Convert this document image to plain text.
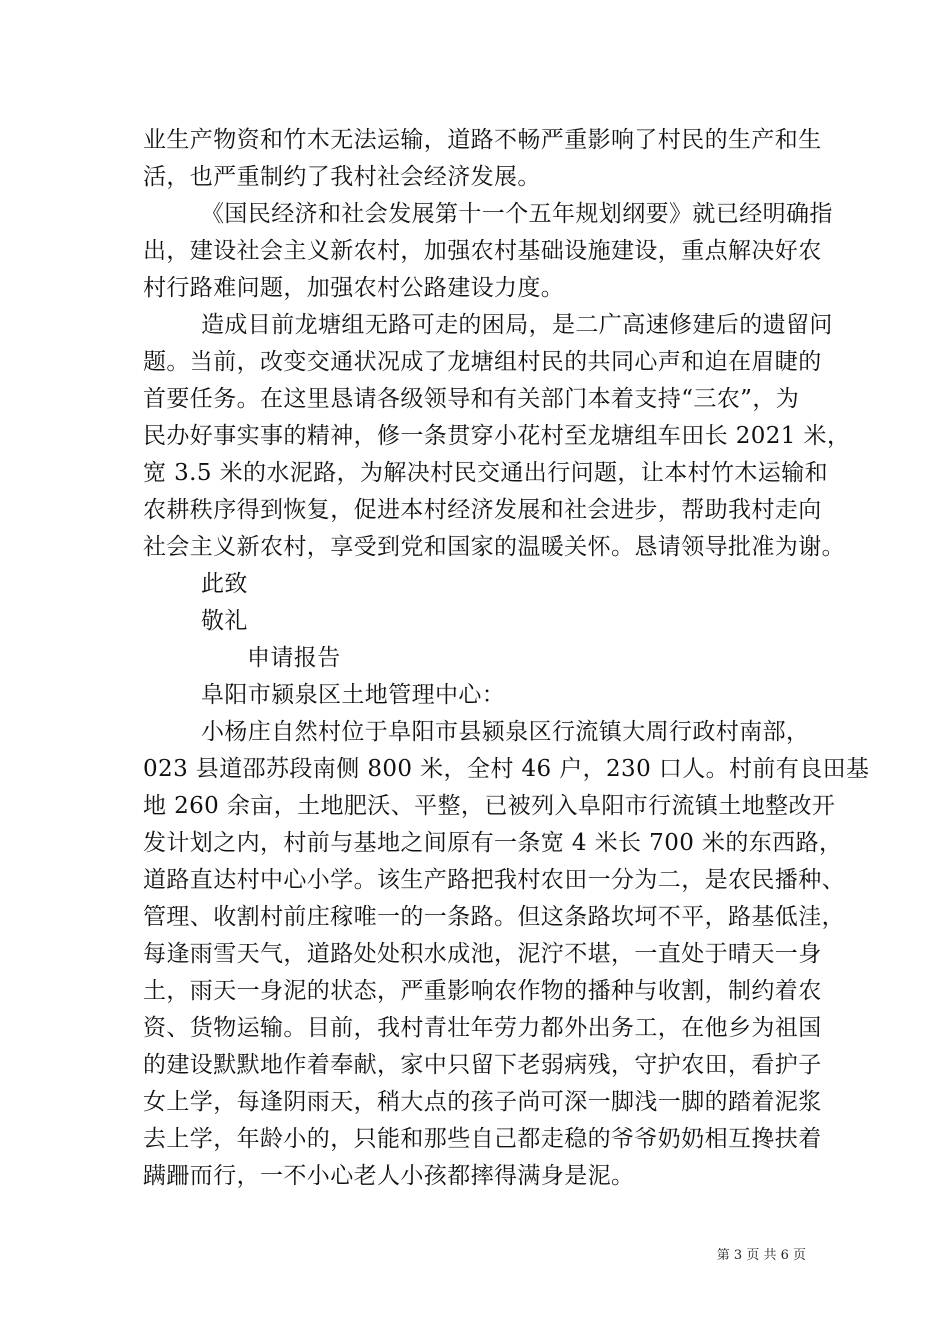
业生产物资和竹木无法运输，道路不畅严重影响了村民的生产和生
活，也严重制约了我村社会经济发展。
《国民经济和社会发展第十一个五年规划纲要》就已经明确指
出，建设社会主义新农村，加强农村基础设施建设，重点解决好农
村行路难问题，加强农村公路建设力度。
造成目前龙塘组无路可走的困局，是二广高速修建后的遗留问
题。当前，改变交通状况成了龙塘组村民的共同心声和迫在眉睫的
首要任务。在这里恳请各级领导和有关部门本着支持“三农”，为
民办好事实事的精神，修一条贯穿小花村至龙塘组车田长 2021 米，
宽 3.5 米的水泥路，为解决村民交通出行问题，让本村竹木运输和
农耕秩序得到恢复，促进本村经济发展和社会进步，帮助我村走向
社会主义新农村，享受到党和国家的温暖关怀。恳请领导批准为谢。
此致
敬礼
申请报告
阜阳市颍泉区土地管理中心：
小杨庄自然村位于阜阳市县颍泉区行流镇大周行政村南部，
023 县道邵苏段南侧 800 米，全村 46 户，230 口人。村前有良田基
地 260 余亩，土地肥沃、平整，已被列入阜阳市行流镇土地整改开
发计划之内，村前与基地之间原有一条宽 4 米长 700 米的东西路，
道路直达村中心小学。该生产路把我村农田一分为二，是农民播种、
管理、收割村前庄稼唯一的一条路。但这条路坎坷不平，路基低洼，
每逢雨雪天气，道路处处积水成池，泥泞不堪，一直处于晴天一身
土，雨天一身泥的状态，严重影响农作物的播种与收割，制约着农
资、货物运输。目前，我村青壮年劳力都外出务工，在他乡为祖国
的建设默默地作着奉献，家中只留下老弱病残，守护农田，看护子
女上学，每逢阴雨天，稍大点的孩子尚可深一脚浅一脚的踏着泥浆
去上学，年龄小的，只能和那些自己都走稳的爷爷奶奶相互搀扶着
蹒跚而行，一不小心老人小孩都摔得满身是泥。
第 3 页 共 6 页
